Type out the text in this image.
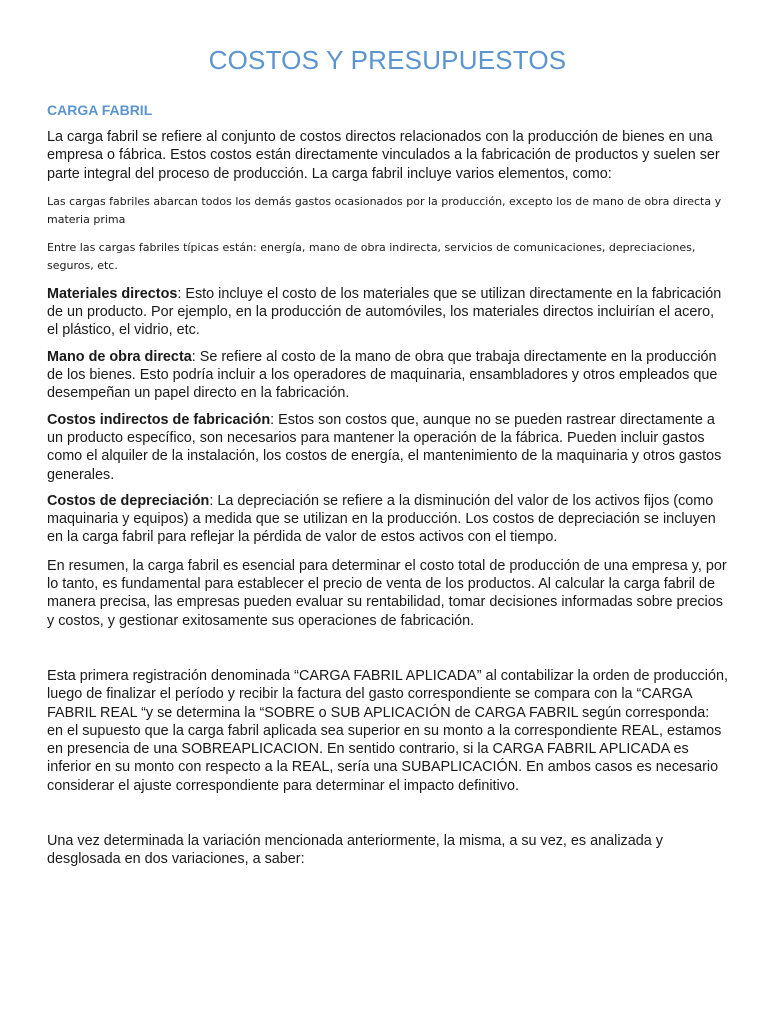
COSTOS Y PRESUPUESTOS
CARGA FABRIL

La carga fabril se refiere al conjunto de costos directos relacionados con la producción de bienes en una empresa o fábrica. Estos costos están directamente vinculados a la fabricación de productos y suelen ser parte integral del proceso de producción. La carga fabril incluye varios elementos, como:

Las cargas fabriles abarcan todos los demás gastos ocasionados por la producción, excepto los de mano de obra directa y materia prima

Entre las cargas fabriles típicas están: energía, mano de obra indirecta, servicios de comunicaciones, depreciaciones, seguros, etc.

Materiales directos: Esto incluye el costo de los materiales que se utilizan directamente en la fabricación de un producto. Por ejemplo, en la producción de automóviles, los materiales directos incluirían el acero, el plástico, el vidrio, etc.

Mano de obra directa: Se refiere al costo de la mano de obra que trabaja directamente en la producción de los bienes. Esto podría incluir a los operadores de maquinaria, ensambladores y otros empleados que desempeñan un papel directo en la fabricación.

Costos indirectos de fabricación: Estos son costos que, aunque no se pueden rastrear directamente a un producto específico, son necesarios para mantener la operación de la fábrica. Pueden incluir gastos como el alquiler de la instalación, los costos de energía, el mantenimiento de la maquinaria y otros gastos generales.

Costos de depreciación: La depreciación se refiere a la disminución del valor de los activos fijos (como maquinaria y equipos) a medida que se utilizan en la producción. Los costos de depreciación se incluyen en la carga fabril para reflejar la pérdida de valor de estos activos con el tiempo.

En resumen, la carga fabril es esencial para determinar el costo total de producción de una empresa y, por lo tanto, es fundamental para establecer el precio de venta de los productos. Al calcular la carga fabril de manera precisa, las empresas pueden evaluar su rentabilidad, tomar decisiones informadas sobre precios y costos, y gestionar exitosamente sus operaciones de fabricación.

Esta primera registración denominada “CARGA FABRIL APLICADA” al contabilizar la orden de producción, luego de finalizar el período y recibir la factura del gasto correspondiente se compara con la “CARGA FABRIL REAL “y se determina la “SOBRE o SUB APLICACIÓN de CARGA FABRIL según corresponda: en el supuesto que la carga fabril aplicada sea superior en su monto a la correspondiente REAL, estamos en presencia de una SOBREAPLICACION. En sentido contrario, si la CARGA FABRIL APLICADA es inferior en su monto con respecto a la REAL, sería una SUBAPLICACIÓN. En ambos casos es necesario considerar el ajuste correspondiente para determinar el impacto definitivo.

Una vez determinada la variación mencionada anteriormente, la misma, a su vez, es analizada y desglosada en dos variaciones, a saber:
